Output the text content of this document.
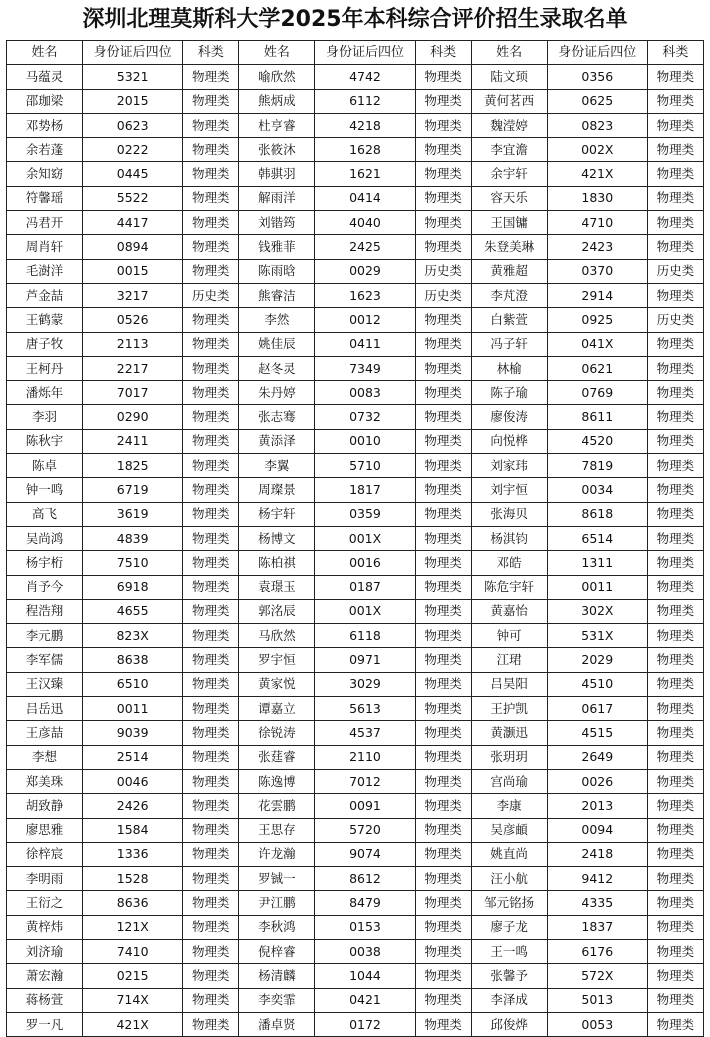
深圳北理莫斯科大学2025年本科综合评价招生录取名单
姓名	身份证后四位	科类	姓名	身份证后四位	科类	姓名	身份证后四位	科类
马蕴灵	5321	物理类	喻欣然	4742	物理类	陆文顼	0356	物理类
邵珈梁	2015	物理类	熊炳成	6112	物理类	黄何茗西	0625	物理类
邓势杨	0623	物理类	杜亨睿	4218	物理类	魏滢婷	0823	物理类
余若蓬	0222	物理类	张筱沐	1628	物理类	李宜澹	002X	物理类
余知窈	0445	物理类	韩骐羽	1621	物理类	余宇轩	421X	物理类
符馨瑶	5522	物理类	解雨洋	0414	物理类	容天乐	1830	物理类
冯君开	4417	物理类	刘锴筠	4040	物理类	王国镛	4710	物理类
周肖轩	0894	物理类	钱雅菲	2425	物理类	朱登美琳	2423	物理类
毛澍洋	0015	物理类	陈雨晗	0029	历史类	黄雅超	0370	历史类
芦金喆	3217	历史类	熊睿洁	1623	历史类	李芃澄	2914	物理类
王鹤蒙	0526	物理类	李然	0012	物理类	白紫萱	0925	历史类
唐子牧	2113	物理类	姚佳辰	0411	物理类	冯子轩	041X	物理类
王柯丹	2217	物理类	赵冬灵	7349	物理类	林榆	0621	物理类
潘烁年	7017	物理类	朱丹婷	0083	物理类	陈子瑜	0769	物理类
李羽	0290	物理类	张志骞	0732	物理类	廖俊涛	8611	物理类
陈秋宇	2411	物理类	黄添泽	0010	物理类	向悦桦	4520	物理类
陈卓	1825	物理类	李翼	5710	物理类	刘家玮	7819	物理类
钟一鸣	6719	物理类	周璨景	1817	物理类	刘宇恒	0034	物理类
高飞	3619	物理类	杨宇轩	0359	物理类	张海贝	8618	物理类
吴尚鸿	4839	物理类	杨博文	001X	物理类	杨淇钧	6514	物理类
杨宇桁	7510	物理类	陈柏祺	0016	物理类	邓皓	1311	物理类
肖予今	6918	物理类	袁璟玉	0187	物理类	陈危宇轩	0011	物理类
程浩翔	4655	物理类	郭洺辰	001X	物理类	黄嘉怡	302X	物理类
李元鹏	823X	物理类	马欣然	6118	物理类	钟可	531X	物理类
李军儒	8638	物理类	罗宇恒	0971	物理类	江珺	2029	物理类
王汉臻	6510	物理类	黄家悦	3029	物理类	吕昊阳	4510	物理类
吕岳迅	0011	物理类	谭嘉立	5613	物理类	王护凯	0617	物理类
王彦喆	9039	物理类	徐锐涛	4537	物理类	黄灏迅	4515	物理类
李想	2514	物理类	张莛睿	2110	物理类	张玥玥	2649	物理类
郑美珠	0046	物理类	陈逸博	7012	物理类	宫尚瑜	0026	物理类
胡致静	2426	物理类	花雲鹏	0091	物理类	李康	2013	物理类
廖思雅	1584	物理类	王思存	5720	物理类	吴彦頔	0094	物理类
徐梓宸	1336	物理类	许龙瀚	9074	物理类	姚直尚	2418	物理类
李明雨	1528	物理类	罗铖一	8612	物理类	汪小航	9412	物理类
王衍之	8636	物理类	尹江鹏	8479	物理类	邹元铭扬	4335	物理类
黄梓炜	121X	物理类	李秋鸿	0153	物理类	廖子龙	1837	物理类
刘济瑜	7410	物理类	倪梓睿	0038	物理类	王一鸣	6176	物理类
萧宏瀚	0215	物理类	杨清麟	1044	物理类	张馨予	572X	物理类
蒋杨萱	714X	物理类	李奕霏	0421	物理类	李泽成	5013	物理类
罗一凡	421X	物理类	潘卓贤	0172	物理类	邱俊烨	0053	物理类
